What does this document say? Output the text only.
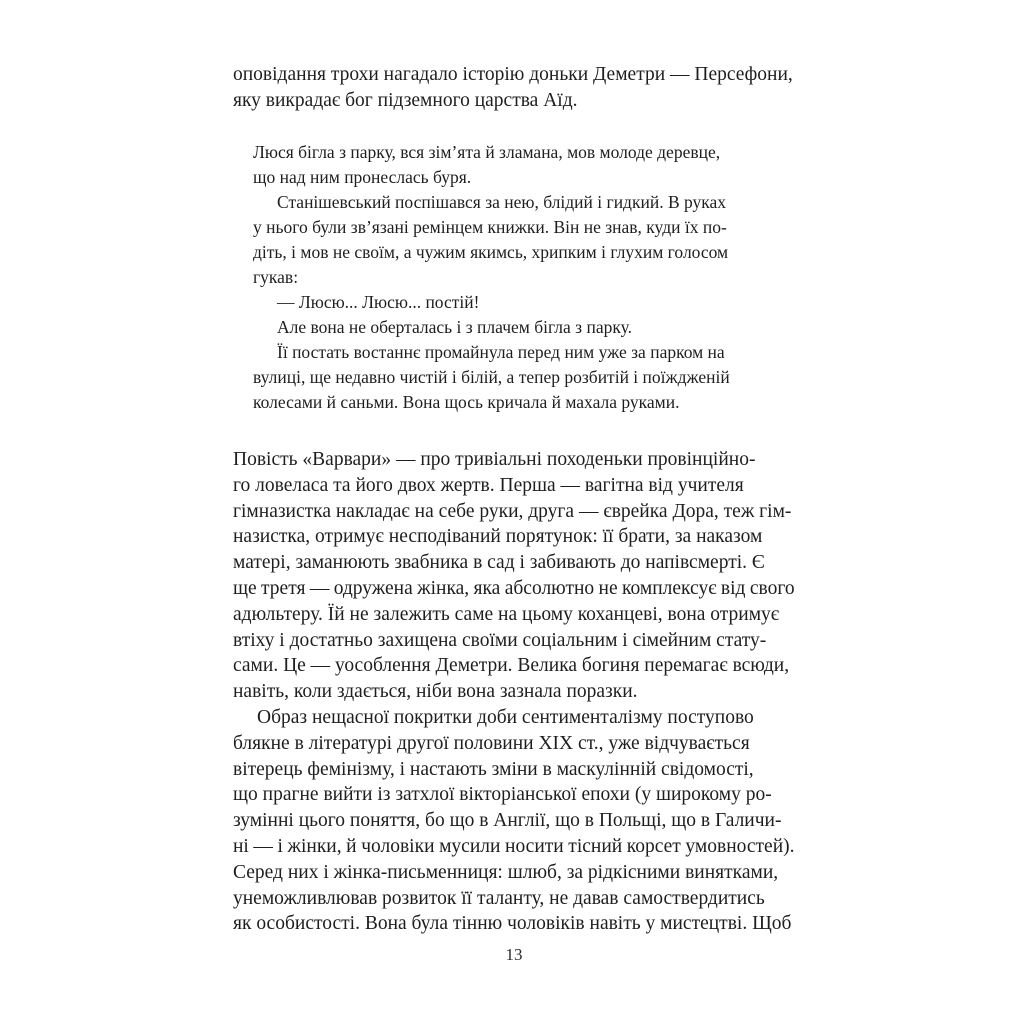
оповідання трохи нагадало історію доньки Деметри — Персефони,
яку викрадає бог підземного царства Аїд.
Люся бігла з парку, вся зім’ята й зламана, мов молоде деревце,
що над ним пронеслась буря.
Станішевський поспішався за нею, блідий і гидкий. В руках
у нього були зв’язані ремінцем книжки. Він не знав, куди їх по-
діть, і мов не своїм, а чужим якимсь, хрипким і глухим голосом
гукав:
— Люсю... Люсю... постій!
Але вона не оберталась і з плачем бігла з парку.
Її постать востаннє промайнула перед ним уже за парком на
вулиці, ще недавно чистій і білій, а тепер розбитій і поїждженій
колесами й саньми. Вона щось кричала й махала руками.
Повість «Варвари» — про тривіальні походеньки провінційно-
го ловеласа та його двох жертв. Перша — вагітна від учителя
гімназистка накладає на себе руки, друга — єврейка Дора, теж гім-
назистка, отримує несподіваний порятунок: її брати, за наказом
матері, заманюють звабника в сад і забивають до напівсмерті. Є
ще третя — одружена жінка, яка абсолютно не комплексує від свого
адюльтеру. Їй не залежить саме на цьому коханцеві, вона отримує
втіху і достатньо захищена своїми соціальним і сімейним стату-
сами. Це — уособлення Деметри. Велика богиня перемагає всюди,
навіть, коли здається, ніби вона зазнала поразки.
Образ нещасної покритки доби сентименталізму поступово
блякне в літературі другої половини XIX ст., уже відчувається
вітерець фемінізму, і настають зміни в маскулінній свідомості,
що прагне вийти із затхлої вікторіанської епохи (у широкому ро-
зумінні цього поняття, бо що в Англії, що в Польщі, що в Галичи-
ні — і жінки, й чоловіки мусили носити тісний корсет умовностей).
Серед них і жінка-письменниця: шлюб, за рідкісними винятками,
унеможливлював розвиток її таланту, не давав самоствердитись
як особистості. Вона була тінню чоловіків навіть у мистецтві. Щоб
13
